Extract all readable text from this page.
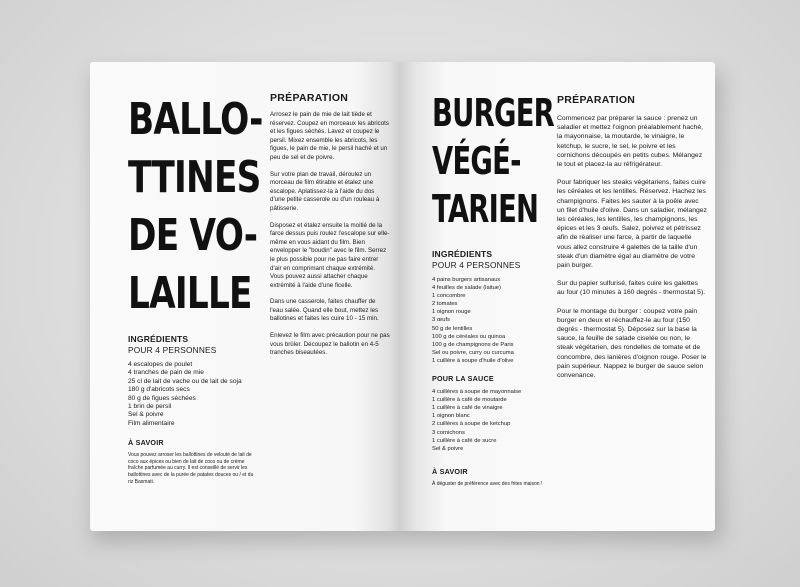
BALLO-
TTINES
DE VO-
LAILLE
PRÉPARATION

Arrosez le pain de mie de lait tiède et réservez. Coupez en morceaux les abricots et les figues séchés. Lavez et coupez le persil. Mixez ensemble les abricots, les figues, le pain de mie, le persil haché et un peu de sel et de poivre.

Sur votre plan de travail, déroulez un morceau de film étirable et étalez une escalope. Aplatissez-la à l'aide du dos d'une petite casserole ou d'un rouleau à pâtisserie.

Disposez et étalez ensuite la moitié de la farce dessus puis roulez l'escalope sur elle-même en vous aidant du film. Bien envelopper le "boudin" avec le film. Serrez le plus possible pour ne pas faire entrer d'air en comprimant chaque extrémité. Vous pouvez aussi attacher chaque extrémité à l'aide d'une ficelle.

Dans une casserole, faites chauffer de l'eau salée. Quand elle bout, mettez les ballotines et faites les cuire 10 - 15 min.

Enlevez le film avec précaution pour ne pas vous brûler. Découpez le ballotin en 4-5 tranches biseautées.

INGRÉDIENTS
POUR 4 PERSONNES
4 escalopes de poulet
4 tranches de pain de mie
25 cl de lait de vache ou de lait de soja
180 g d'abricots secs
80 g de figues séchées
1 brin de persil
Sel & poivre
Film alimentaire
À SAVOIR
Vous pouvez arroser les ballottines de velouté de lait de coco aux épices ou bien de lait de coco ou de crème fraîche parfumée au curry. Il est conseillé de servir les ballottines avec de la purée de patates douces ou / et du riz Basmati.
BURGER
VÉGÉ-
TARIEN
INGRÉDIENTS
POUR 4 PERSONNES
4 pains burgers artisanaux
4 feuilles de salade (laitue)
1 concombre
2 tomates
1 oignon rouge
3 œufs
50 g de lentilles
100 g de céréales ou quinoa
100 g de champignons de Paris
Sel ou poivre, curry ou curcuma
1 cuillère à soupe d'huile d'olive
POUR LA SAUCE
4 cuillères à soupe de mayonnaise
1 cuillère à café de moutarde
1 cuillère à café de vinaigre
1 oignon blanc
2 cuillères à soupe de ketchup
3 cornichons
1 cuillère à café de sucre
Sel & poivre
À SAVOIR
À déguster de préférence avec des frites maison !
PRÉPARATION

Commencez par préparer la sauce : prenez un saladier et mettez l'oignon préalablement haché, la mayonnaise, la moutarde, le vinaigre, le ketchup, le sucre, le sel, le poivre et les cornichons découpés en petits cubes. Mélangez le tout et placez-la au réfrigérateur.

Pour fabriquer les steaks végétariens, faites cuire les céréales et les lentilles. Réservez. Hachez les champignons. Faites les sauter à la poêle avec un filet d'huile d'olive. Dans un saladier, mélangez les céréales, les lentilles, les champignons, les épices et les 3 œufs. Salez, poivrez et pétrissez afin de réaliser une farce, à partir de laquelle vous allez construire 4 galettes de la taille d'un steak d'un diamètre égal au diamètre de votre pain burger.

Sur du papier sulfurisé, faites cuire les galettes au four (10 minutes à 160 degrés - thermostat 5).

Pour le montage du burger : coupez votre pain burger en deux et réchauffez-le au four (150 degrés - thermostat 5). Déposez sur la base la sauce, la feuille de salade ciselée ou non, le steak végétarien, des rondelles de tomate et de concombre, des lanières d'oignon rouge. Poser le pain supérieur. Nappez le burger de sauce selon convenance.
